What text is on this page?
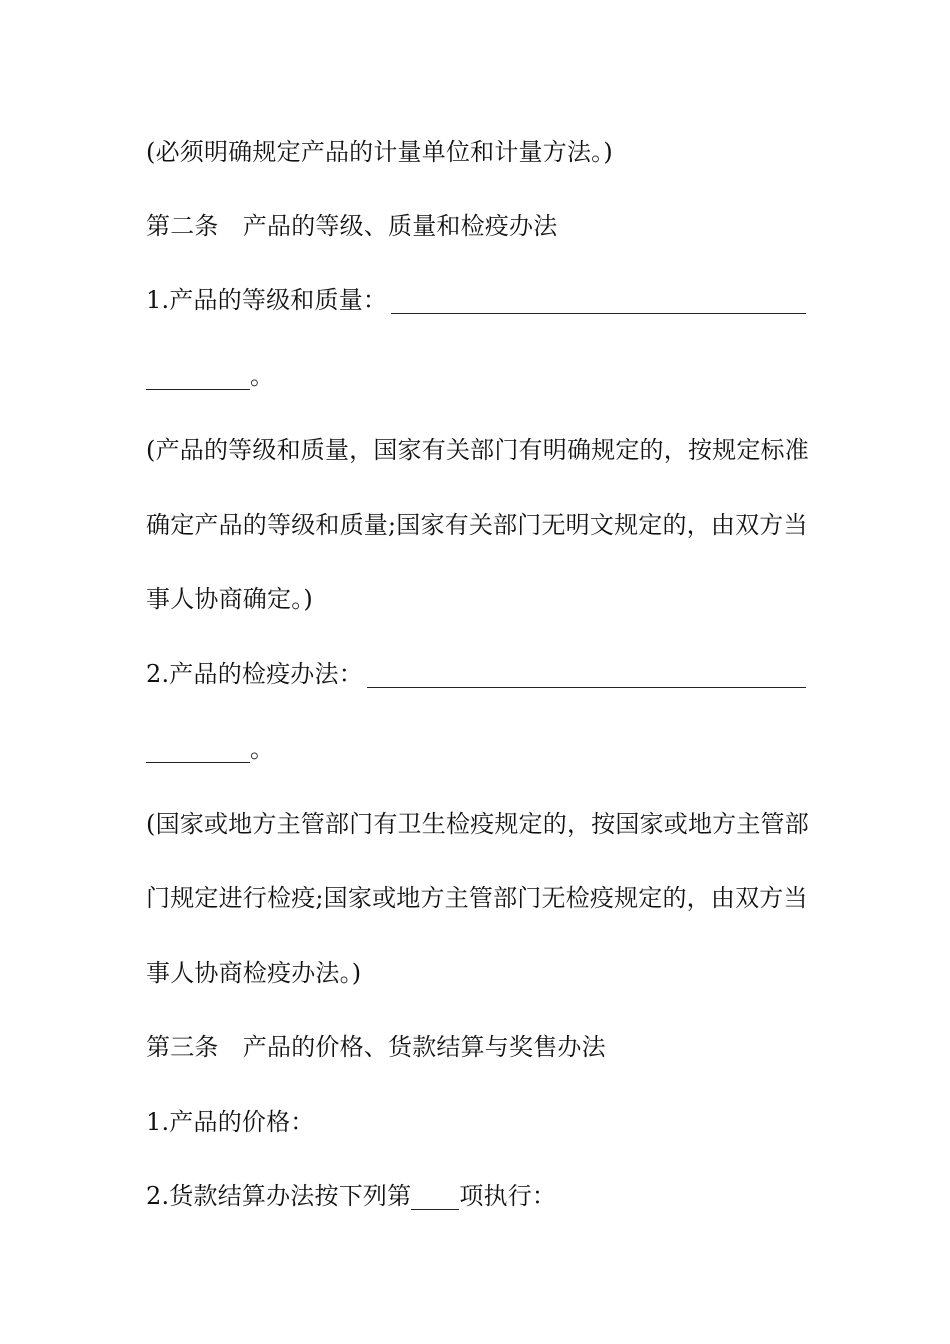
(必须明确规定产品的计量单位和计量方法。)
第二条　产品的等级、质量和检疫办法
1.产品的等级和质量：
。
(产品的等级和质量，国家有关部门有明确规定的，按规定标准
确定产品的等级和质量;国家有关部门无明文规定的，由双方当
事人协商确定。)
2.产品的检疫办法：
。
(国家或地方主管部门有卫生检疫规定的，按国家或地方主管部
门规定进行检疫;国家或地方主管部门无检疫规定的，由双方当
事人协商检疫办法。)
第三条　产品的价格、货款结算与奖售办法
1.产品的价格：
2.货款结算办法按下列第 项执行：
